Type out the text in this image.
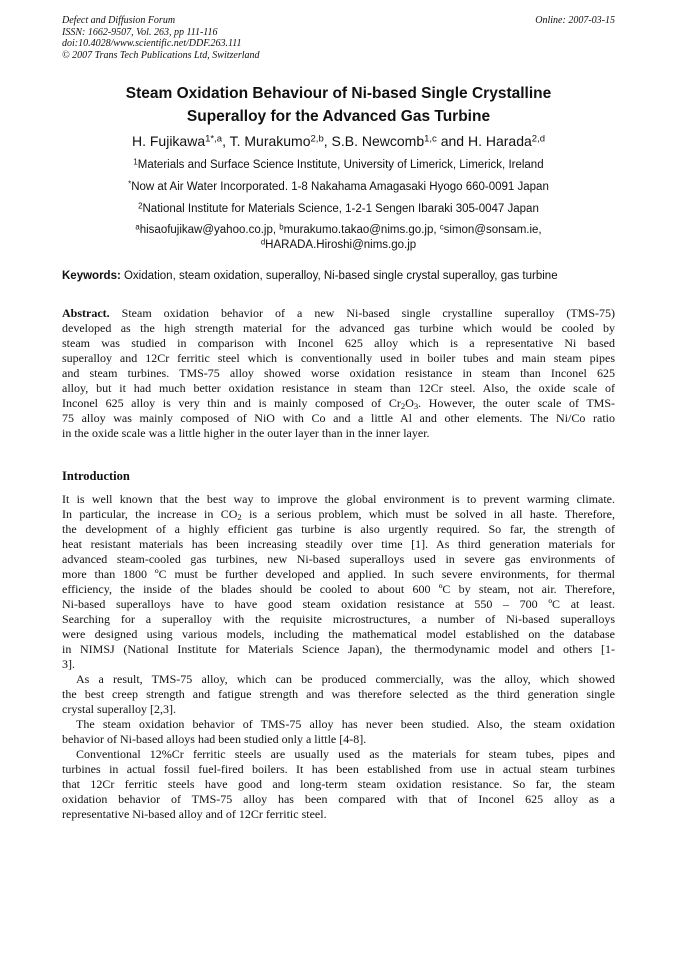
Defect and Diffusion Forum
ISSN: 1662-9507, Vol. 263, pp 111-116
doi:10.4028/www.scientific.net/DDF.263.111
© 2007 Trans Tech Publications Ltd, Switzerland
Online: 2007-03-15
Steam Oxidation Behaviour of Ni-based Single Crystalline
Superalloy for the Advanced Gas Turbine
H. Fujikawa$^{1*,a}$, T. Murakumo$^{2,b}$, S.B. Newcomb$^{1,c}$ and H. Harada$^{2,d}$
$^1$Materials and Surface Science Institute, University of Limerick, Limerick, Ireland
*Now at Air Water Incorporated. 1-8 Nakahama Amagasaki Hyogo 660-0091 Japan
$^2$National Institute for Materials Science, 1-2-1 Sengen Ibaraki 305-0047 Japan
$^a$hisaofujikaw@yahoo.co.jp, $^b$murakumo.takao@nims.go.jp, $^c$simon@sonsam.ie,
$^d$HARADA.Hiroshi@nims.go.jp
Keywords: Oxidation, steam oxidation, superalloy, Ni-based single crystal superalloy, gas turbine
Abstract. Steam oxidation behavior of a new Ni-based single crystalline superalloy (TMS-75)
developed as the high strength material for the advanced gas turbine which would be cooled by
steam was studied in comparison with Inconel 625 alloy which is a representative Ni based
superalloy and 12Cr ferritic steel which is conventionally used in boiler tubes and main steam pipes
and steam turbines. TMS-75 alloy showed worse oxidation resistance in steam than Inconel 625
alloy, but it had much better oxidation resistance in steam than 12Cr steel. Also, the oxide scale of
Inconel 625 alloy is very thin and is mainly composed of $Cr_2O_3$. However, the outer scale of TMS-
75 alloy was mainly composed of NiO with Co and a little Al and other elements. The Ni/Co ratio
in the oxide scale was a little higher in the outer layer than in the inner layer.
Introduction
It is well known that the best way to improve the global environment is to prevent warming climate.
In particular, the increase in $CO_2$ is a serious problem, which must be solved in all haste. Therefore,
the development of a highly efficient gas turbine is also urgently required. So far, the strength of
heat resistant materials has been increasing steadily over time [1]. As third generation materials for
advanced steam-cooled gas turbines, new Ni-based superalloys used in severe gas environments of
more than 1800 ºC must be further developed and applied. In such severe environments, for thermal
efficiency, the inside of the blades should be cooled to about 600 ºC by steam, not air. Therefore,
Ni-based superalloys have to have good steam oxidation resistance at 550 – 700 ºC at least.
Searching for a superalloy with the requisite microstructures, a number of Ni-based superalloys
were designed using various models, including the mathematical model established on the database
in NIMSJ (National Institute for Materials Science Japan), the thermodynamic model and others [1-
3].
As a result, TMS-75 alloy, which can be produced commercially, was the alloy, which showed
the best creep strength and fatigue strength and was therefore selected as the third generation single
crystal superalloy [2,3].
The steam oxidation behavior of TMS-75 alloy has never been studied. Also, the steam oxidation
behavior of Ni-based alloys had been studied only a little [4-8].
Conventional 12%Cr ferritic steels are usually used as the materials for steam tubes, pipes and
turbines in actual fossil fuel-fired boilers. It has been established from use in actual steam turbines
that 12Cr ferritic steels have good and long-term steam oxidation resistance. So far, the steam
oxidation behavior of TMS-75 alloy has been compared with that of Inconel 625 alloy as a
representative Ni-based alloy and of 12Cr ferritic steel.
